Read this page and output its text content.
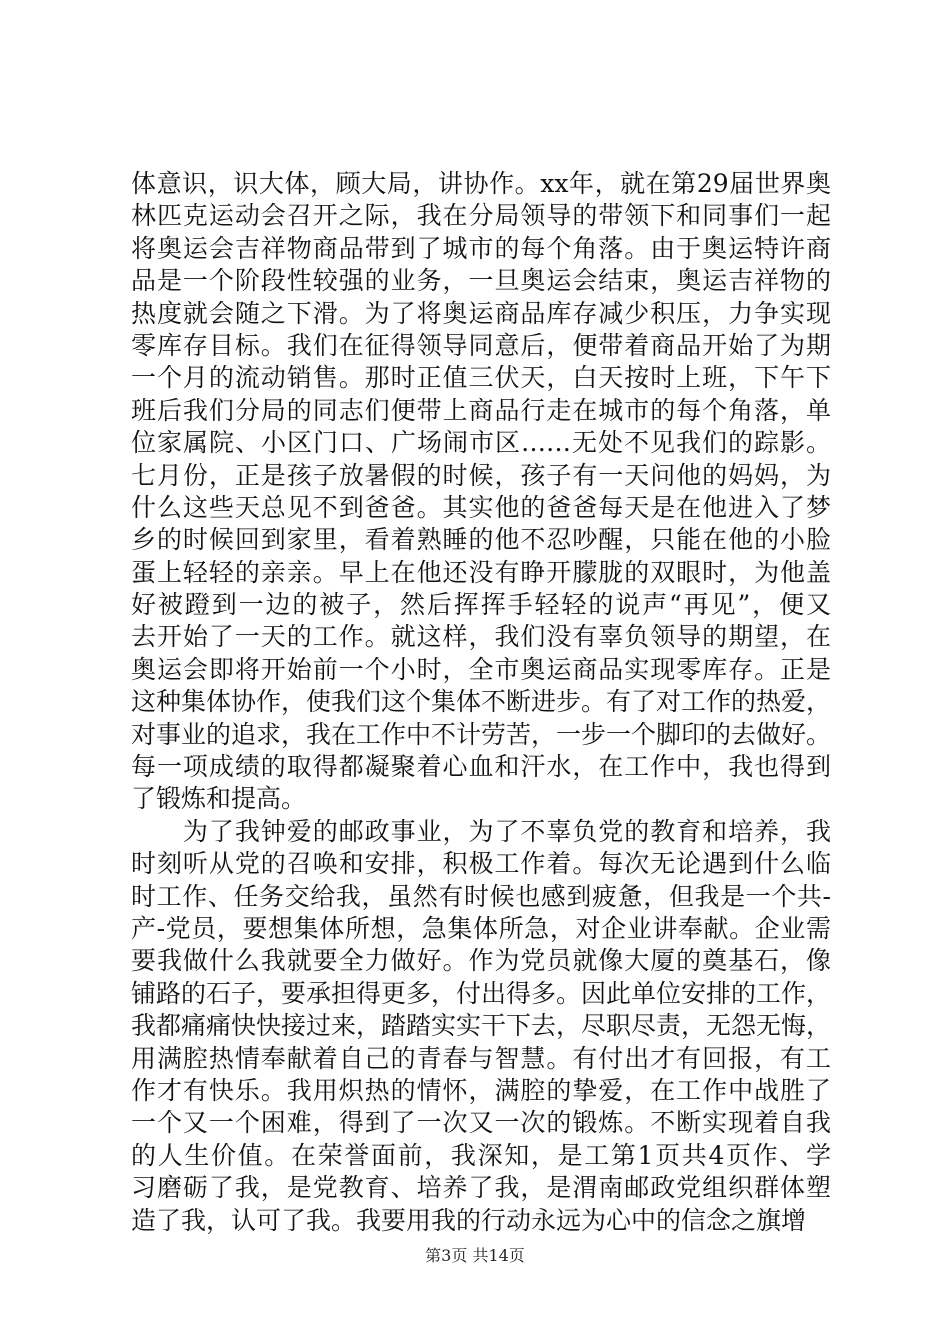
体意识，识大体，顾大局，讲协作。xx年，就在第29届世界奥
林匹克运动会召开之际，我在分局领导的带领下和同事们一起
将奥运会吉祥物商品带到了城市的每个角落。由于奥运特许商
品是一个阶段性较强的业务，一旦奥运会结束，奥运吉祥物的
热度就会随之下滑。为了将奥运商品库存减少积压，力争实现
零库存目标。我们在征得领导同意后，便带着商品开始了为期
一个月的流动销售。那时正值三伏天，白天按时上班，下午下
班后我们分局的同志们便带上商品行走在城市的每个角落，单
位家属院、小区门口、广场闹市区……无处不见我们的踪影。
七月份，正是孩子放暑假的时候，孩子有一天问他的妈妈，为
什么这些天总见不到爸爸。其实他的爸爸每天是在他进入了梦
乡的时候回到家里，看着熟睡的他不忍吵醒，只能在他的小脸
蛋上轻轻的亲亲。早上在他还没有睁开朦胧的双眼时，为他盖
好被蹬到一边的被子，然后挥挥手轻轻的说声“再见”，便又
去开始了一天的工作。就这样，我们没有辜负领导的期望，在
奥运会即将开始前一个小时，全市奥运商品实现零库存。正是
这种集体协作，使我们这个集体不断进步。有了对工作的热爱，
对事业的追求，我在工作中不计劳苦，一步一个脚印的去做好。
每一项成绩的取得都凝聚着心血和汗水，在工作中，我也得到
了锻炼和提高。
　　为了我钟爱的邮政事业，为了不辜负党的教育和培养，我
时刻听从党的召唤和安排，积极工作着。每次无论遇到什么临
时工作、任务交给我，虽然有时候也感到疲惫，但我是一个共-
产-党员，要想集体所想，急集体所急，对企业讲奉献。企业需
要我做什么我就要全力做好。作为党员就像大厦的奠基石，像
铺路的石子，要承担得更多，付出得多。因此单位安排的工作，
我都痛痛快快接过来，踏踏实实干下去，尽职尽责，无怨无悔，
用满腔热情奉献着自己的青春与智慧。有付出才有回报，有工
作才有快乐。我用炽热的情怀，满腔的挚爱，在工作中战胜了
一个又一个困难，得到了一次又一次的锻炼。不断实现着自我
的人生价值。在荣誉面前，我深知，是工第1页共4页作、学
习磨砺了我，是党教育、培养了我，是渭南邮政党组织群体塑
造了我，认可了我。我要用我的行动永远为心中的信念之旗增
第3页 共14页
